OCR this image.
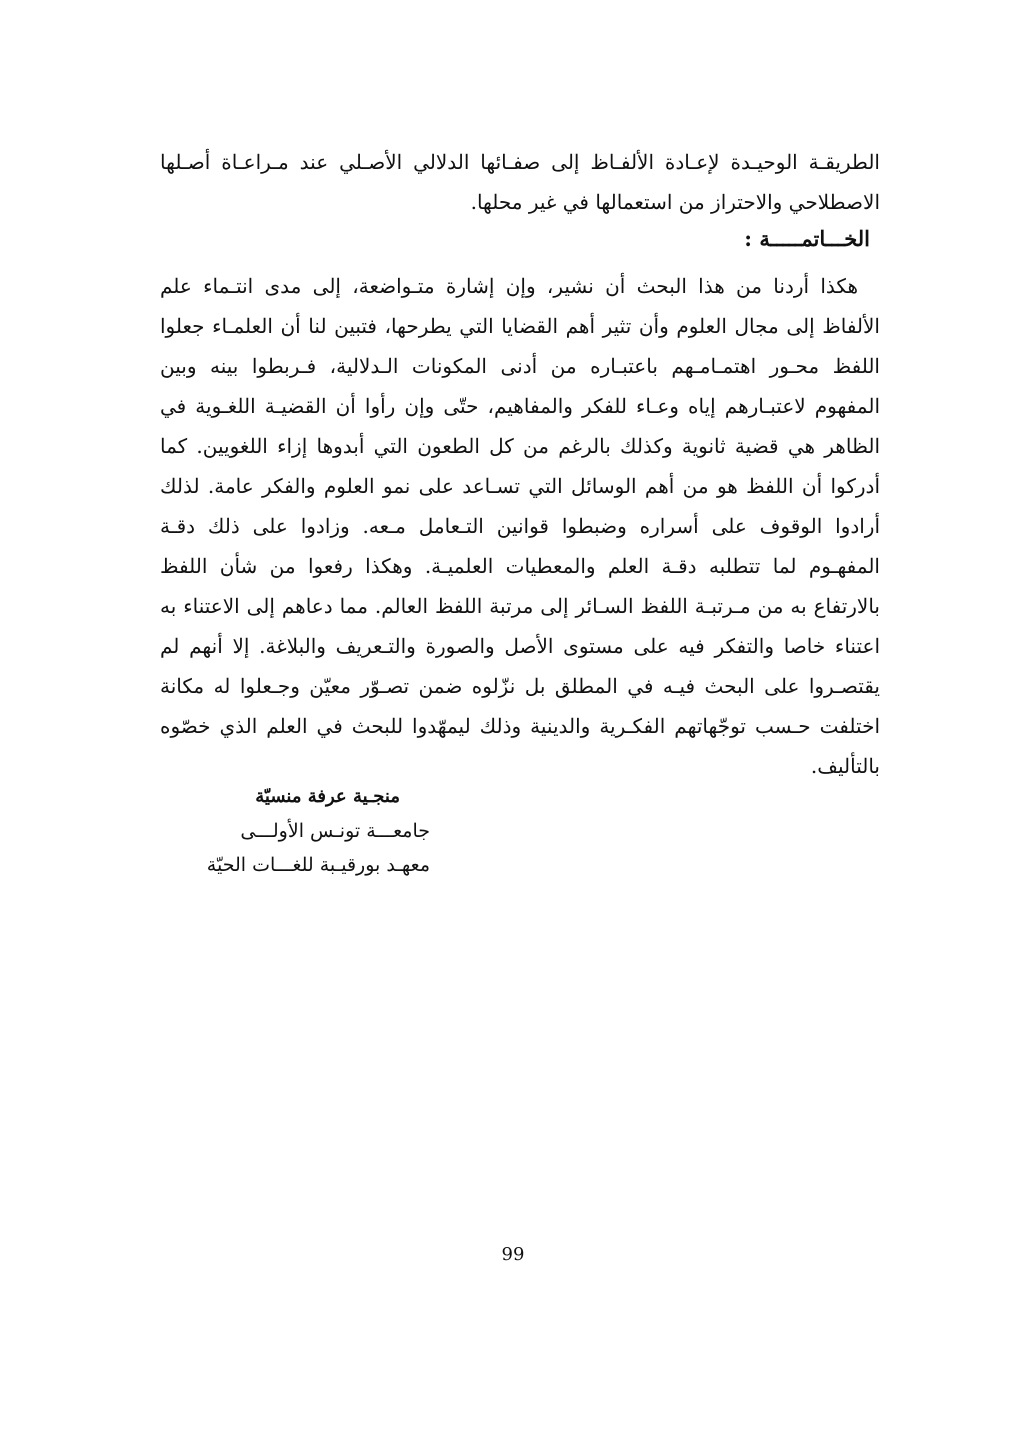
الطريقـة الوحيـدة لإعـادة الألفـاظ إلى صفـائها الدلالي الأصـلي عند مـراعـاة أصـلها الاصطلاحي والاحتراز من استعمالها في غير محلها.
الخـــاتمـــــة :

هكذا أردنا من هذا البحث أن نشير، وإن إشارة متـواضعة، إلى مدى انتـماء علم الألفاظ إلى مجال العلوم وأن تثير أهم القضايا التي يطرحها، فتبين لنا أن العلمـاء جعلوا اللفظ محـور اهتمـامـهم باعتبـاره من أدنى المكونات الـدلالية، فـربطوا بينه وبين المفهوم لاعتبـارهم إياه وعـاء للفكر والمفاهيم، حتّى وإن رأوا أن القضيـة اللغـوية في الظاهر هي قضية ثانوية وكذلك بالرغم من كل الطعون التي أبدوها إزاء اللغويين. كما أدركوا أن اللفظ هو من أهم الوسائل التي تسـاعد على نمو العلوم والفكر عامة. لذلك أرادوا الوقوف على أسراره وضبطوا قوانين التـعامل مـعه. وزادوا على ذلك دقـة المفهـوم لما تتطلبه دقـة العلم والمعطيات العلميـة. وهكذا رفعوا من شأن اللفظ بالارتفاع به من مـرتبـة اللفظ السـائر إلى مرتبة اللفظ العالم. مما دعاهم إلى الاعتناء به اعتناء خاصا والتفكر فيه على مستوى الأصل والصورة والتـعريف والبلاغة. إلا أنهم لم يقتصـروا على البحث فيـه في المطلق بل نزّلوه ضمن تصـوّر معيّن وجـعلوا له مكانة اختلفت حـسب توجّهاتهم الفكـرية والدينية وذلك ليمهّدوا للبحث في العلم الذي خصّوه بالتأليف.

منجـية عرفة منسيّة
جامعـــة تونـس الأولـــى
معهـد بورقيـبة للغـــات الحيّة
99
